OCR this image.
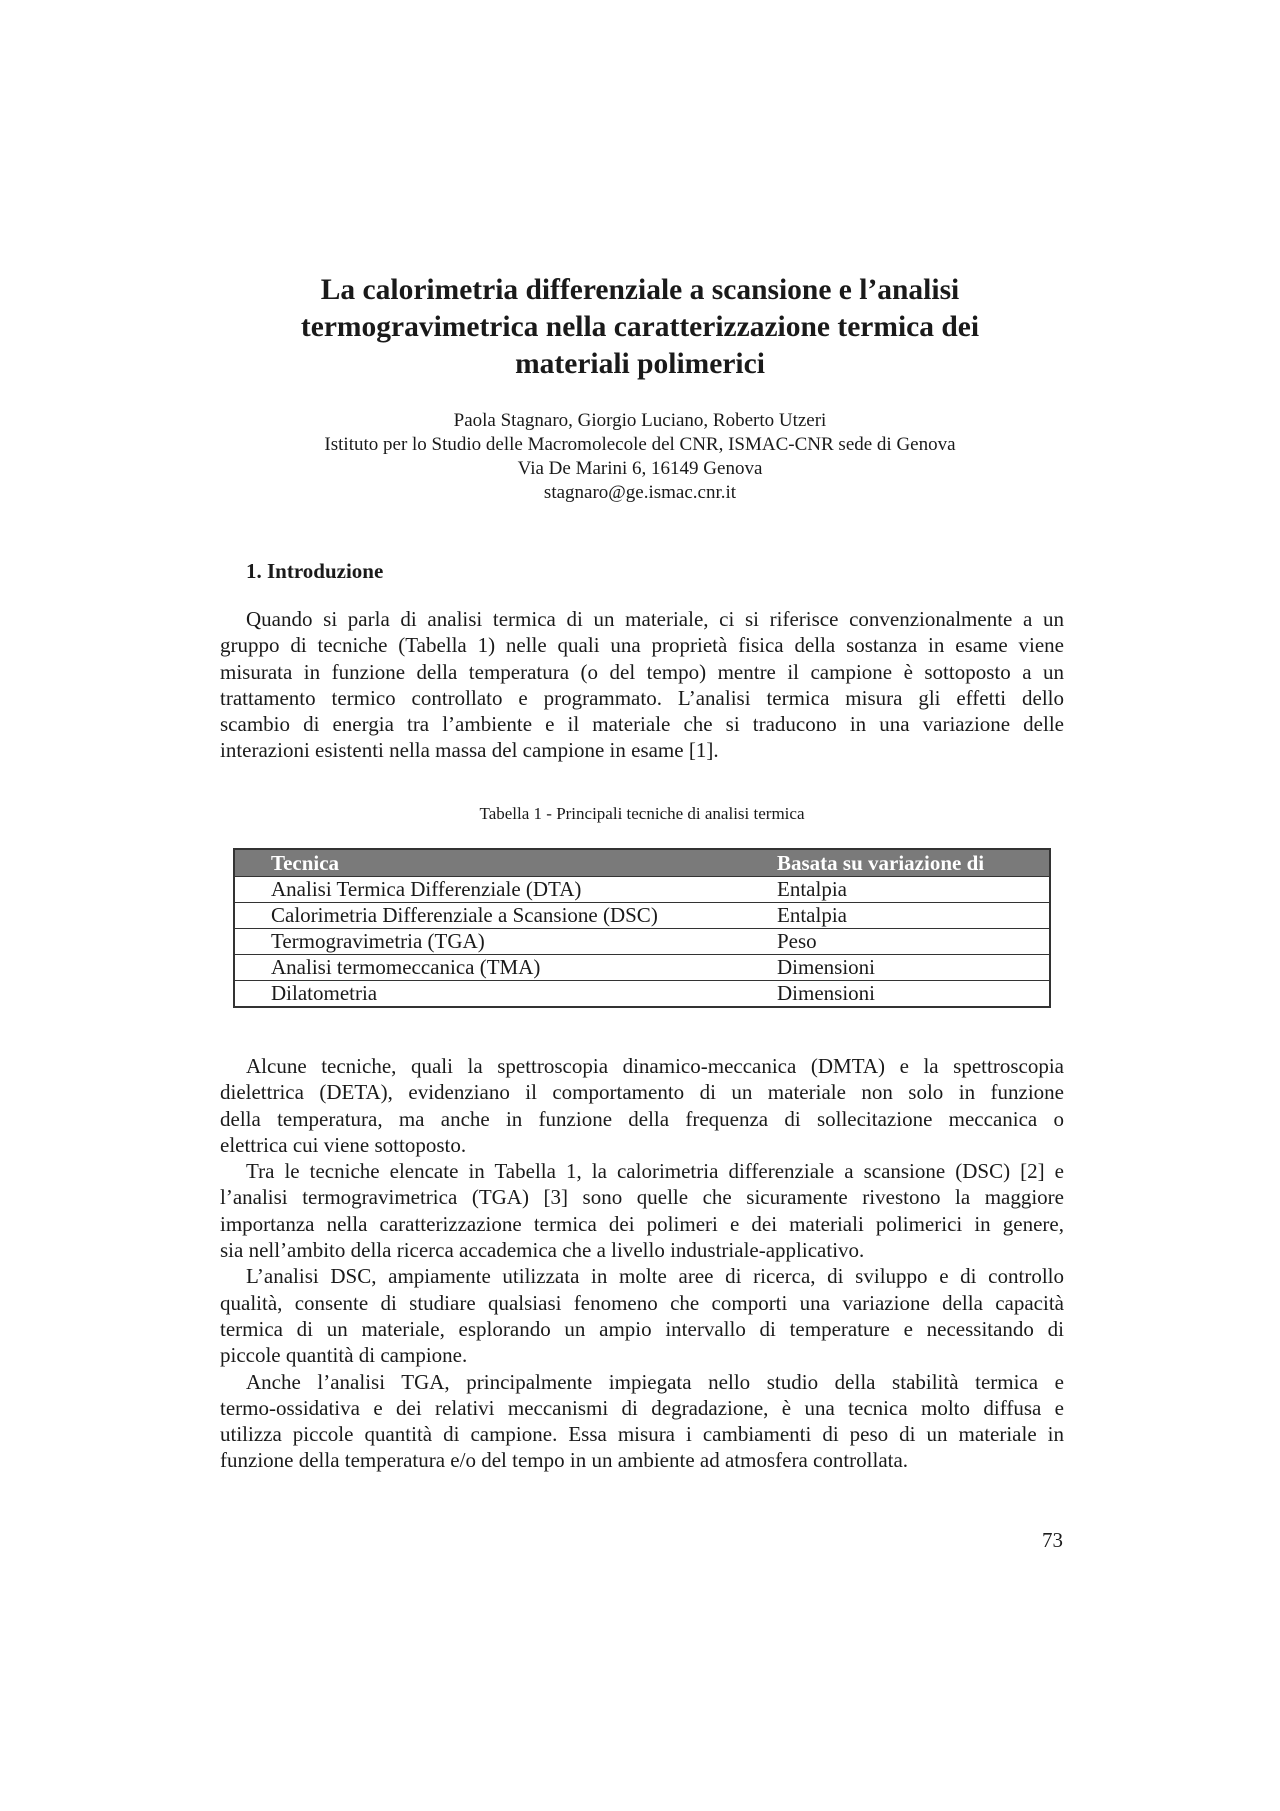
La calorimetria differenziale a scansione e l’analisi
termogravimetrica nella caratterizzazione termica dei
materiali polimerici
Paola Stagnaro, Giorgio Luciano, Roberto Utzeri
Istituto per lo Studio delle Macromolecole del CNR, ISMAC-CNR sede di Genova
Via De Marini 6, 16149 Genova
stagnaro@ge.ismac.cnr.it
1. Introduzione

Quando si parla di analisi termica di un materiale, ci si riferisce convenzionalmente a un
gruppo di tecniche (Tabella 1) nelle quali una proprietà fisica della sostanza in esame viene
misurata in funzione della temperatura (o del tempo) mentre il campione è sottoposto a un
trattamento termico controllato e programmato. L’analisi termica misura gli effetti dello
scambio di energia tra l’ambiente e il materiale che si traducono in una variazione delle
interazioni esistenti nella massa del campione in esame [1].

Tabella 1 - Principali tecniche di analisi termica
Tecnica	Basata su variazione di
Analisi Termica Differenziale (DTA)	Entalpia
Calorimetria Differenziale a Scansione (DSC)	Entalpia
Termogravimetria (TGA)	Peso
Analisi termomeccanica (TMA)	Dimensioni
Dilatometria	Dimensioni

Alcune tecniche, quali la spettroscopia dinamico-meccanica (DMTA) e la spettroscopia
dielettrica (DETA), evidenziano il comportamento di un materiale non solo in funzione
della temperatura, ma anche in funzione della frequenza di sollecitazione meccanica o
elettrica cui viene sottoposto.
Tra le tecniche elencate in Tabella 1, la calorimetria differenziale a scansione (DSC) [2] e
l’analisi termogravimetrica (TGA) [3] sono quelle che sicuramente rivestono la maggiore
importanza nella caratterizzazione termica dei polimeri e dei materiali polimerici in genere,
sia nell’ambito della ricerca accademica che a livello industriale-applicativo.
L’analisi DSC, ampiamente utilizzata in molte aree di ricerca, di sviluppo e di controllo
qualità, consente di studiare qualsiasi fenomeno che comporti una variazione della capacità
termica di un materiale, esplorando un ampio intervallo di temperature e necessitando di
piccole quantità di campione.
Anche l’analisi TGA, principalmente impiegata nello studio della stabilità termica e
termo-ossidativa e dei relativi meccanismi di degradazione, è una tecnica molto diffusa e
utilizza piccole quantità di campione. Essa misura i cambiamenti di peso di un materiale in
funzione della temperatura e/o del tempo in un ambiente ad atmosfera controllata.

73
